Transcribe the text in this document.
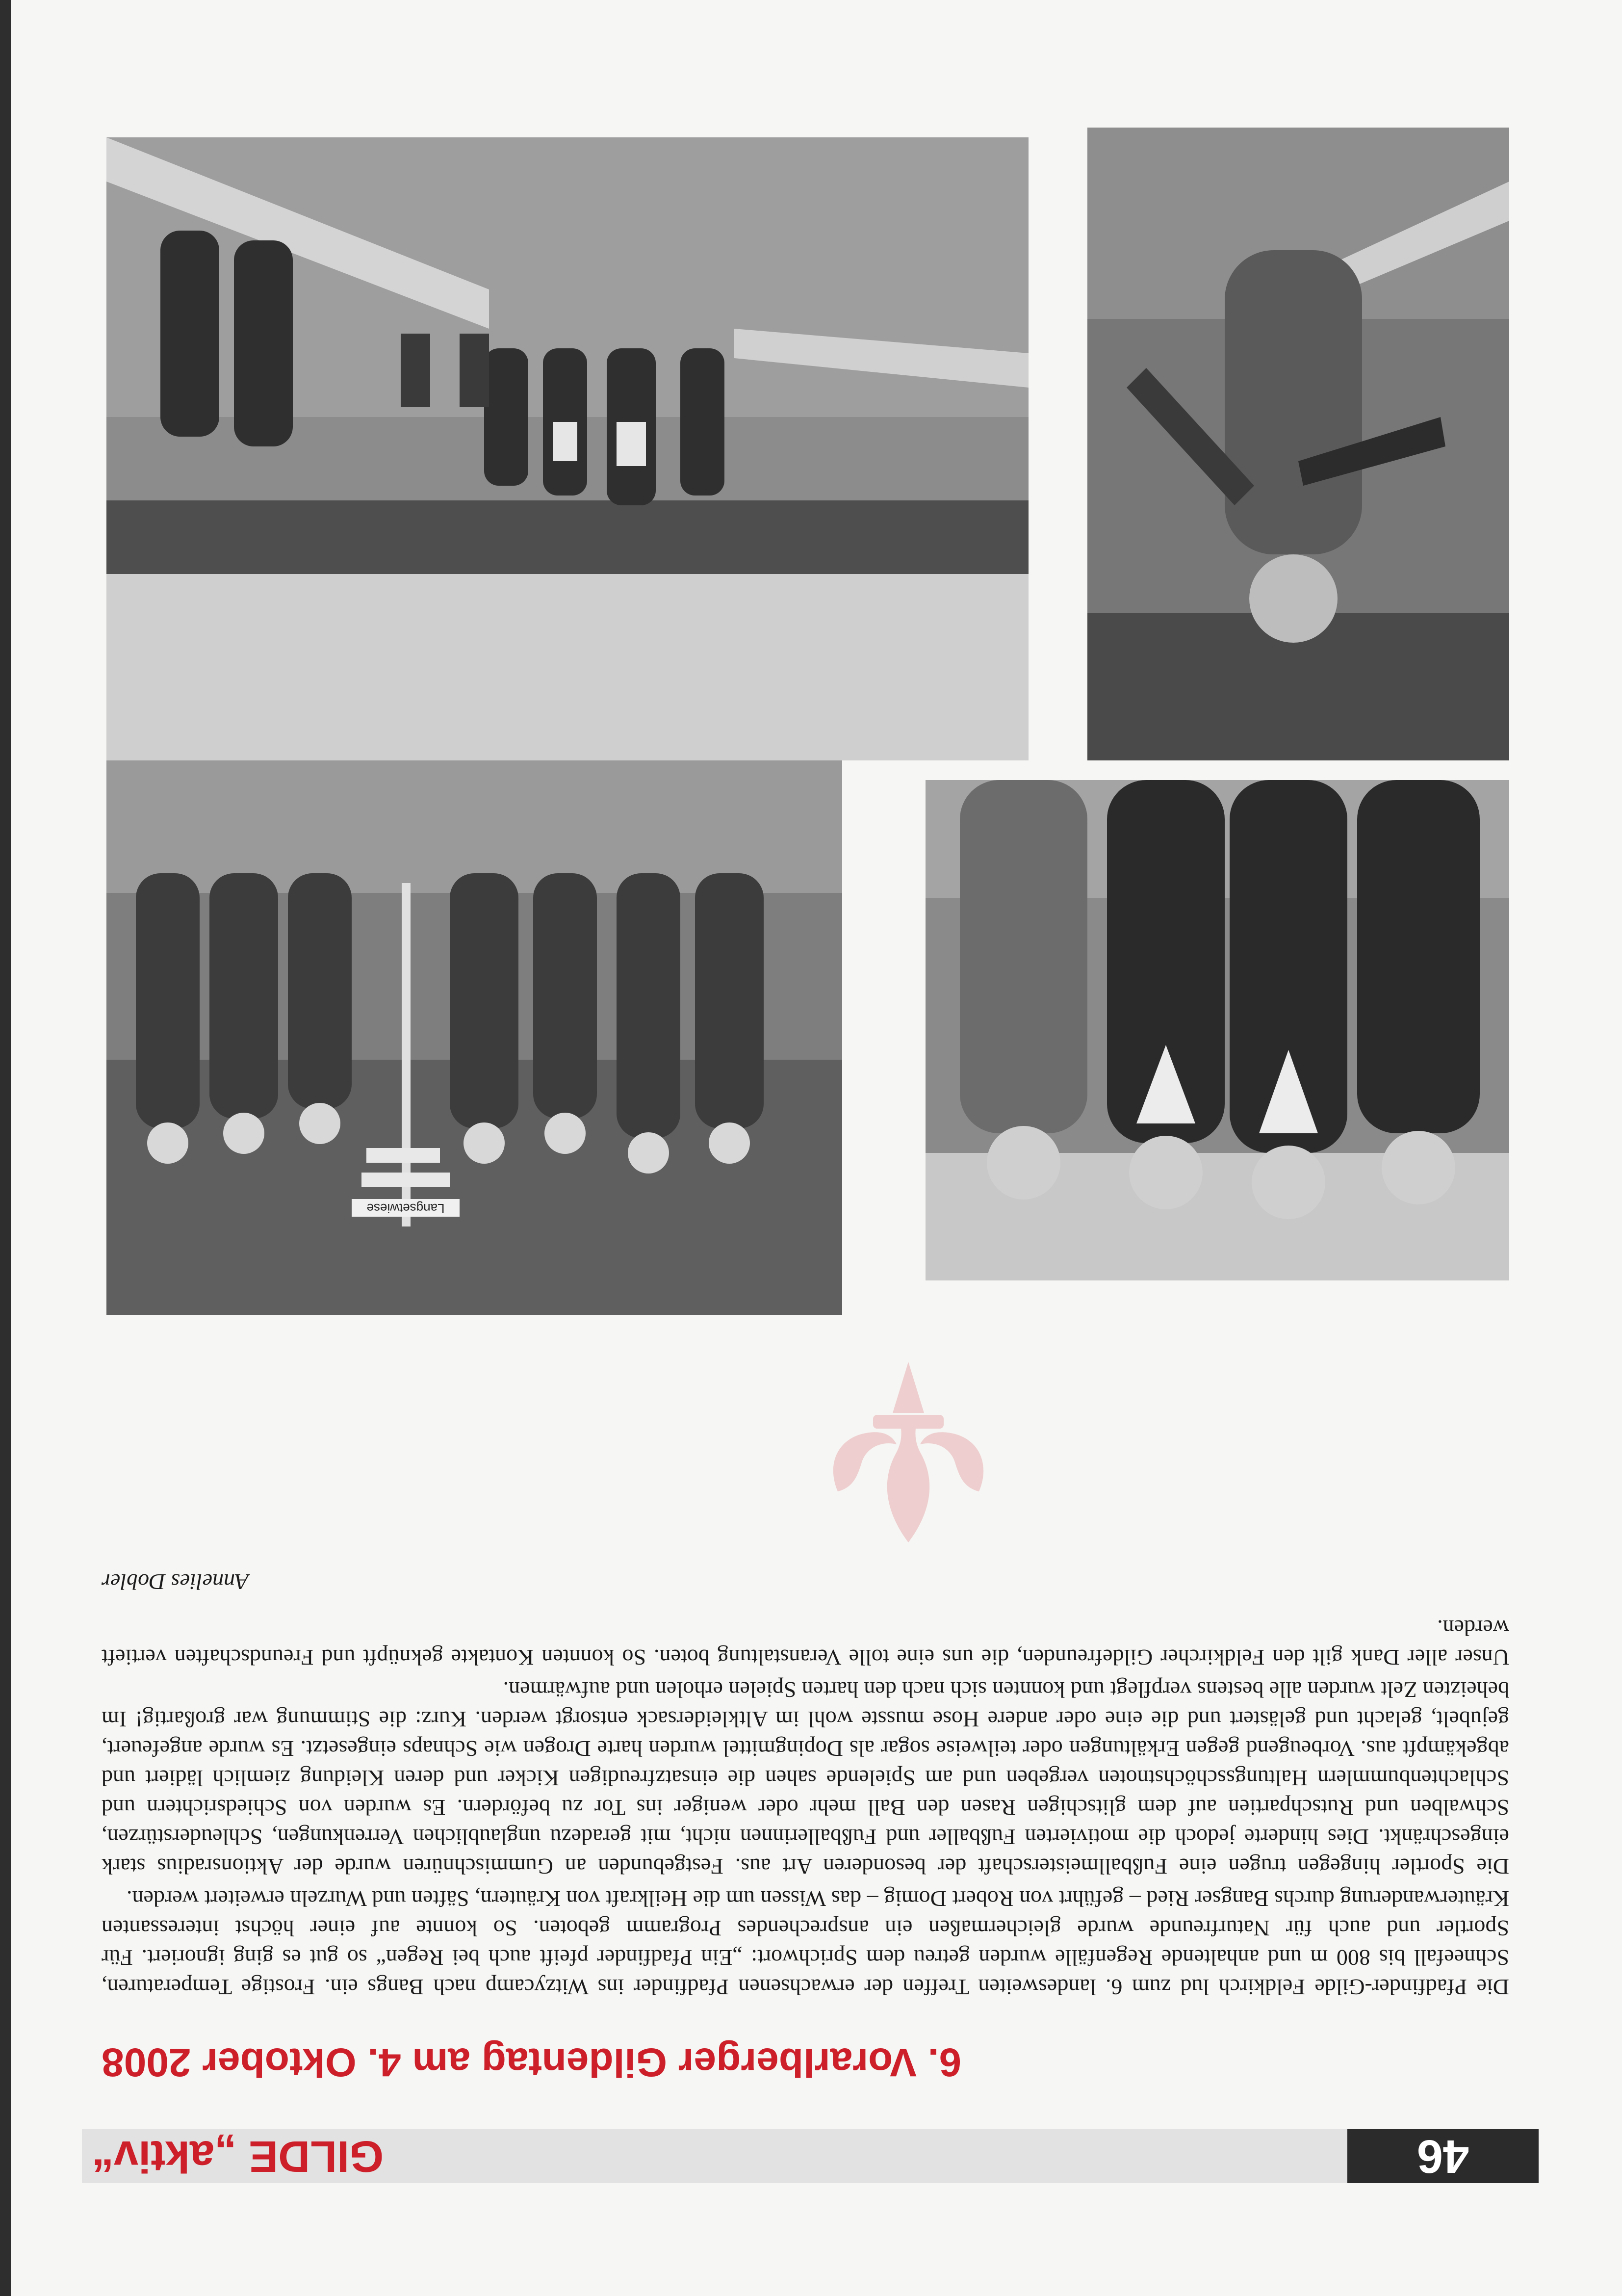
46
GILDE „aktiv“
6. Vorarlberger Gildentag am 4. Oktober 2008

Die Pfadfinder-Gilde Feldkirch lud zum 6. landesweiten Treffen der erwachsenen Pfadfinder ins Witzycamp nach Bangs ein. Frostige Temperaturen, Schneefall bis 800 m und anhaltende Regenfälle wurden getreu dem Sprichwort: „Ein Pfadfinder pfeift auch bei Regen“ so gut es ging ignoriert. Für Sportler und auch für Naturfreunde wurde gleichermaßen ein ansprechendes Programm geboten. So konnte auf einer höchst interessanten Kräuterwanderung durchs Bangser Ried – geführt von Robert Domig – das Wissen um die Heilkraft von Kräutern, Säften und Wurzeln erweitert werden.

Die Sportler hingegen trugen eine Fußballmeisterschaft der besonderen Art aus. Festgebunden an Gummischnüren wurde der Aktionsradius stark eingeschränkt. Dies hinderte jedoch die motivierten Fußballer und Fußballerinnen nicht, mit geradezu unglaublichen Verrenkungen, Schleuderstürzen, Schwalben und Rutschpartien auf dem glitschigen Rasen den Ball mehr oder weniger ins Tor zu befördern. Es wurden von Schiedsrichtern und Schlachtenbummlern Haltungsschöchstnoten vergeben und am Spielende sahen die einsatzfreudigen Kicker und deren Kleidung ziemlich lädiert und abgekämpft aus. Vorbeugend gegen Erkältungen oder teilweise sogar als Dopingmittel wurden harte Drogen wie Schnaps eingesetzt. Es wurde angefeuert, gejubelt, gelacht und gelästert und die eine oder andere Hose musste wohl im Altkleidersack entsorgt werden. Kurz: die Stimmung war großartig! Im beheizten Zelt wurden alle bestens verpflegt und konnten sich nach den harten Spielen erholen und aufwärmen.

Unser aller Dank gilt den Feldkircher Gildefreunden, die uns eine tolle Veranstaltung boten. So konnten Kontakte geknüpft und Freundschaften vertieft werden.

Annelies Dobler

Langsetwiese
